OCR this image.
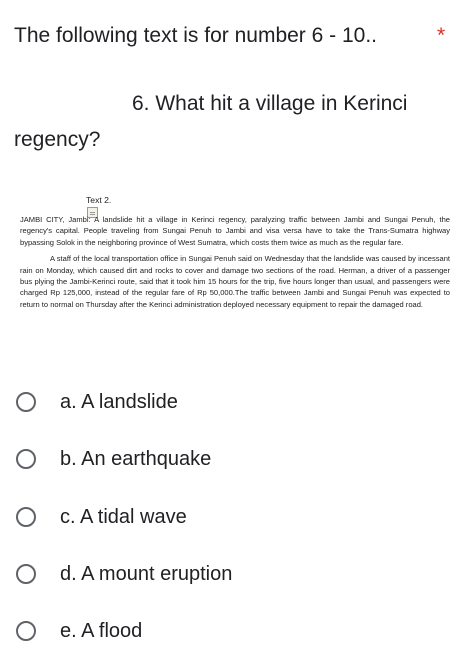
The following text is for number 6 - 10..	*
6. What hit a village in Kerinci
regency?
Text 2.

JAMBI CITY, Jambi: A landslide hit a village in Kerinci regency, paralyzing traffic between Jambi and Sungai Penuh, the regency's capital. People traveling from Sungai Penuh to Jambi and visa versa have to take the Trans-Sumatra highway bypassing Solok in the neighboring province of West Sumatra, which costs them twice as much as the regular fare.

A staff of the local transportation office in Sungai Penuh said on Wednesday that the landslide was caused by incessant rain on Monday, which caused dirt and rocks to cover and damage two sections of the road. Herman, a driver of a passenger bus plying the Jambi-Kerinci route, said that it took him 15 hours for the trip, five hours longer than usual, and passengers were charged Rp 125,000, instead of the regular fare of Rp 50,000.The traffic between Jambi and Sungai Penuh was expected to return to normal on Thursday after the Kerinci administration deployed necessary equipment to repair the damaged road.

a. A landslide
b. An earthquake
c. A tidal wave
d. A mount eruption
e. A flood
